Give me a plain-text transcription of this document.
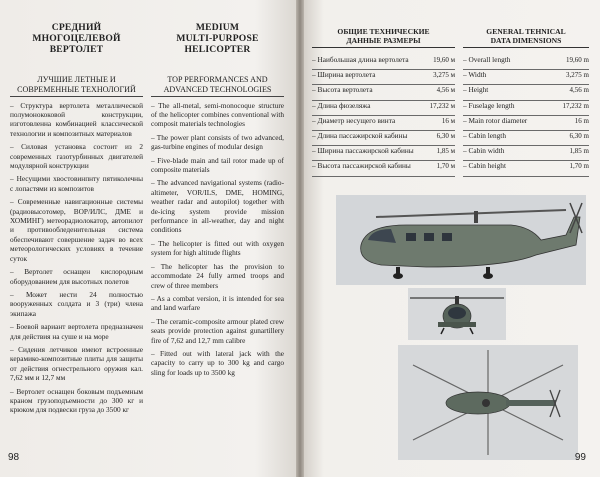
СРЕДНИЙ
МНОГОЦЕЛЕВОЙ
ВЕРТОЛЕТ
ЛУЧШИЕ ЛЕТНЫЕ И
СОВРЕМЕННЫЕ ТЕХНОЛОГИЙ

– Структура вертолета металлической полумонококовой конструкции, изготовленна комбинацией классической технологии и композитных материалов

– Силовая установка состоит из 2 современных газотурбинных двигателей модулярной конструкции

– Несущими хвостовинпнту пятиколечны с лопастями из композитов

– Современные навигационные системы (радиовысотомер, ВОР/ИЛС, ДМЕ и ХОМИНГ) метеорадиолокатор, автопилот и противообледенительная система обеспечивают совершение задач во всех метеорологических условиях в течение суток

– Вертолет оснащен кислородным оборудованием для высотных полетов

– Может нести 24 полностью вооруженных солдата и 3 (три) члена экипажа

– Боевой вариант вертолета предназначен для действия на суше и на море

– Сидения летчиков имеют встроенные керамико-композитные плиты для защиты от действия огнестрельного оружия кал. 7,62 мм и 12,7 мм

– Вертолет оснащен боковым подъемным краном грузоподъемности до 300 кг и крюком для подвески груза до 3500 кг

MEDIUM
MULTI-PURPOSE
HELICOPTER
TOP PERFORMANCES AND
ADVANCED TECHNOLOGIES

– The all-metal, semi-monocoque structure of the helicopter combines conventional with composit materials technologies

– The power plant consists of two advanced, gas-turbine engines of modular design

– Five-blade main and tail rotor made up of composite materials

– The advanced navigational systems (radio-altimeter, VOR/ILS, DME, HOMING, weather radar and autopilot) together with de-icing system provide mission performance in all-weather, day and night conditions

– The helicopter is fitted out with oxygen system for high altitude flights

– The helicopter has the provision to accommodate 24 fully armed troops and crew of three members

– As a combat version, it is intended for sea and land warfare

– The ceramic-composite armour plated crew seats provide protection against gunartillery fire of 7,62 and 12,7 mm calibre

– Fitted out with lateral jack with the capacity to carry up to 300 kg and cargo sling for loads up to 3500 kg

98
ОБЩИЕ ТЕХНИЧЕСКИЕ
ДАННЫЕ РАЗМЕРЫ
– Наибольшая длина вертолета	19,60 м
– Ширина вертолета	3,275 м
– Высота вертолета	4,56 м
– Длина фюзеляжа	17,232 м
– Диаметр несущего винта	16 м
– Длина пассажирской кабины	6,30 м
– Ширина пассажирской кабины	1,85 м
– Высота пассажирской кабины	1,70 м
GENERAL TEHNICAL
DATA DIMENSIONS
– Overall length	19,60 m
– Width	3,275 m
– Height	4,56 m
– Fuselage length	17,232 m
– Main rotor diameter	16 m
– Cabin length	6,30 m
– Cabin width	1,85 m
– Cabin height	1,70 m
99
